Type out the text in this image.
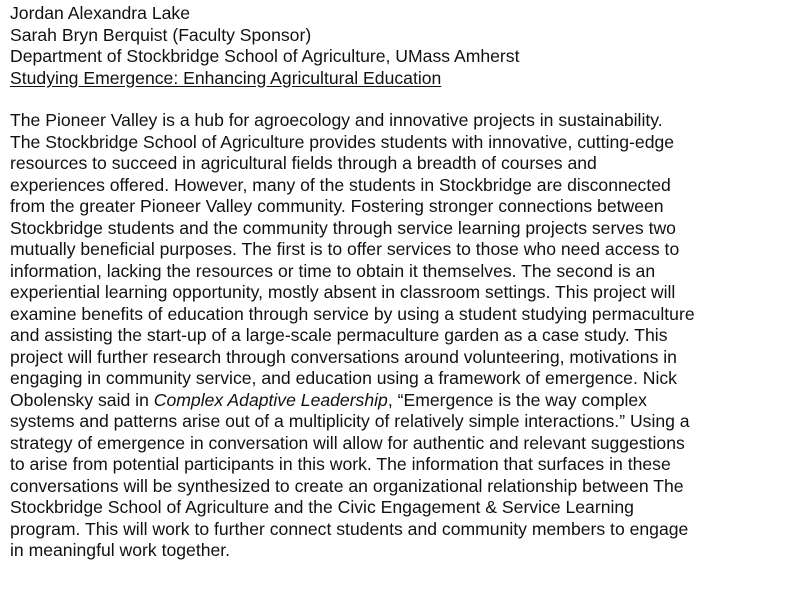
Jordan Alexandra Lake
Sarah Bryn Berquist (Faculty Sponsor)
Department of Stockbridge School of Agriculture, UMass Amherst
Studying Emergence: Enhancing Agricultural Education
The Pioneer Valley is a hub for agroecology and innovative projects in sustainability.
The Stockbridge School of Agriculture provides students with innovative, cutting-edge
resources to succeed in agricultural fields through a breadth of courses and
experiences offered. However, many of the students in Stockbridge are disconnected
from the greater Pioneer Valley community. Fostering stronger connections between
Stockbridge students and the community through service learning projects serves two
mutually beneficial purposes. The first is to offer services to those who need access to
information, lacking the resources or time to obtain it themselves. The second is an
experiential learning opportunity, mostly absent in classroom settings. This project will
examine benefits of education through service by using a student studying permaculture
and assisting the start-up of a large-scale permaculture garden as a case study. This
project will further research through conversations around volunteering, motivations in
engaging in community service, and education using a framework of emergence. Nick
Obolensky said in Complex Adaptive Leadership, “Emergence is the way complex
systems and patterns arise out of a multiplicity of relatively simple interactions.” Using a
strategy of emergence in conversation will allow for authentic and relevant suggestions
to arise from potential participants in this work. The information that surfaces in these
conversations will be synthesized to create an organizational relationship between The
Stockbridge School of Agriculture and the Civic Engagement & Service Learning
program. This will work to further connect students and community members to engage
in meaningful work together.
